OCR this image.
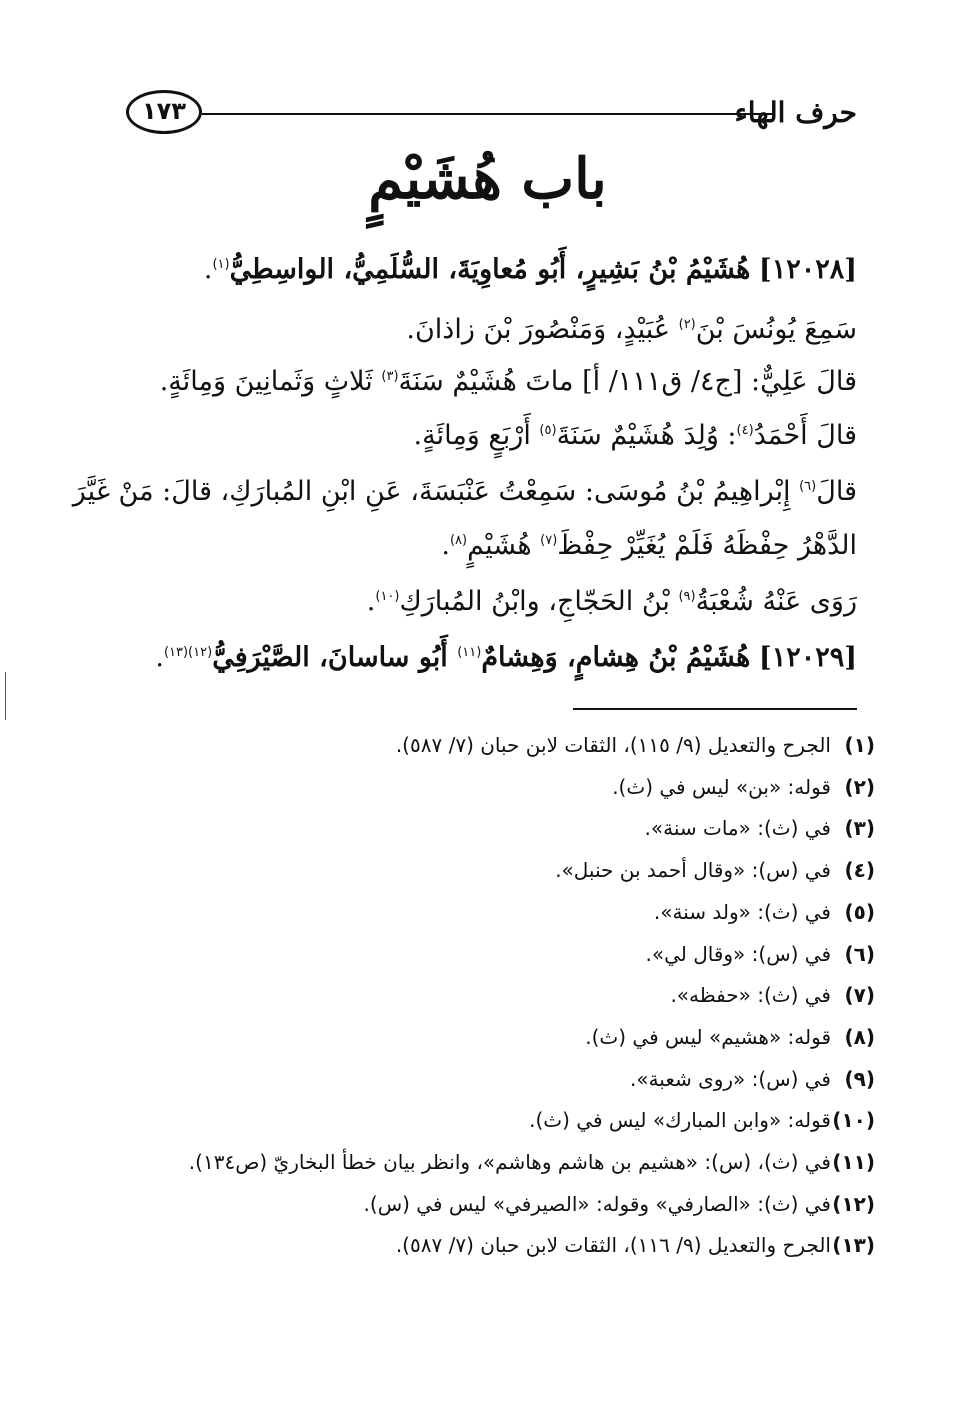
١٧٣	حرف الهاء
باب هُشَيْمٍ
[١٢٠٢٨] هُشَيْمُ بْنُ بَشِيرٍ، أَبُو مُعاوِيَةَ، السُّلَمِيُّ، الواسِطِيُّ$^{(١)}$.
سَمِعَ يُونُسَ بْنَ$^{(٢)}$ عُبَيْدٍ، وَمَنْصُورَ بْنَ زاذانَ.
قالَ عَلِيٌّ: [ج٤/ ق١١١/ أ] ماتَ هُشَيْمٌ سَنَةَ$^{(٣)}$ ثَلاثٍ وَثَمانِينَ وَمِائَةٍ.
قالَ أَحْمَدُ$^{(٤)}$: وُلِدَ هُشَيْمٌ سَنَةَ$^{(٥)}$ أَرْبَعٍ وَمِائَةٍ.
قالَ$^{(٦)}$ إِبْراهِيمُ بْنُ مُوسَى: سَمِعْتُ عَنْبَسَةَ، عَنِ ابْنِ المُبارَكِ، قالَ: مَنْ غَيَّرَ
الدَّهْرُ حِفْظَهُ فَلَمْ يُغَيِّرْ حِفْظَ$^{(٧)}$ هُشَيْمٍ$^{(٨)}$.
رَوَى عَنْهُ شُعْبَةُ$^{(٩)}$ بْنُ الحَجّاجِ، وابْنُ المُبارَكِ$^{(١٠)}$.
[١٢٠٢٩] هُشَيْمُ بْنُ هِشامٍ، وَهِشامٌ$^{(١١)}$ أَبُو ساسانَ، الصَّيْرَفِيُّ$^{(١٢)(١٣)}$.
(١)الجرح والتعديل (٩/ ١١٥)، الثقات لابن حبان (٧/ ٥٨٧).
(٢)قوله: «بن» ليس في (ث).
(٣)في (ث): «مات سنة».
(٤)في (س): «وقال أحمد بن حنبل».
(٥)في (ث): «ولد سنة».
(٦)في (س): «وقال لي».
(٧)في (ث): «حفظه».
(٨)قوله: «هشيم» ليس في (ث).
(٩)في (س): «روى شعبة».
(١٠)قوله: «وابن المبارك» ليس في (ث).
(١١)في (ث)، (س): «هشيم بن هاشم وهاشم»، وانظر بيان خطأ البخاريّ (ص١٣٤).
(١٢)في (ث): «الصارفي» وقوله: «الصيرفي» ليس في (س).
(١٣)الجرح والتعديل (٩/ ١١٦)، الثقات لابن حبان (٧/ ٥٨٧).
